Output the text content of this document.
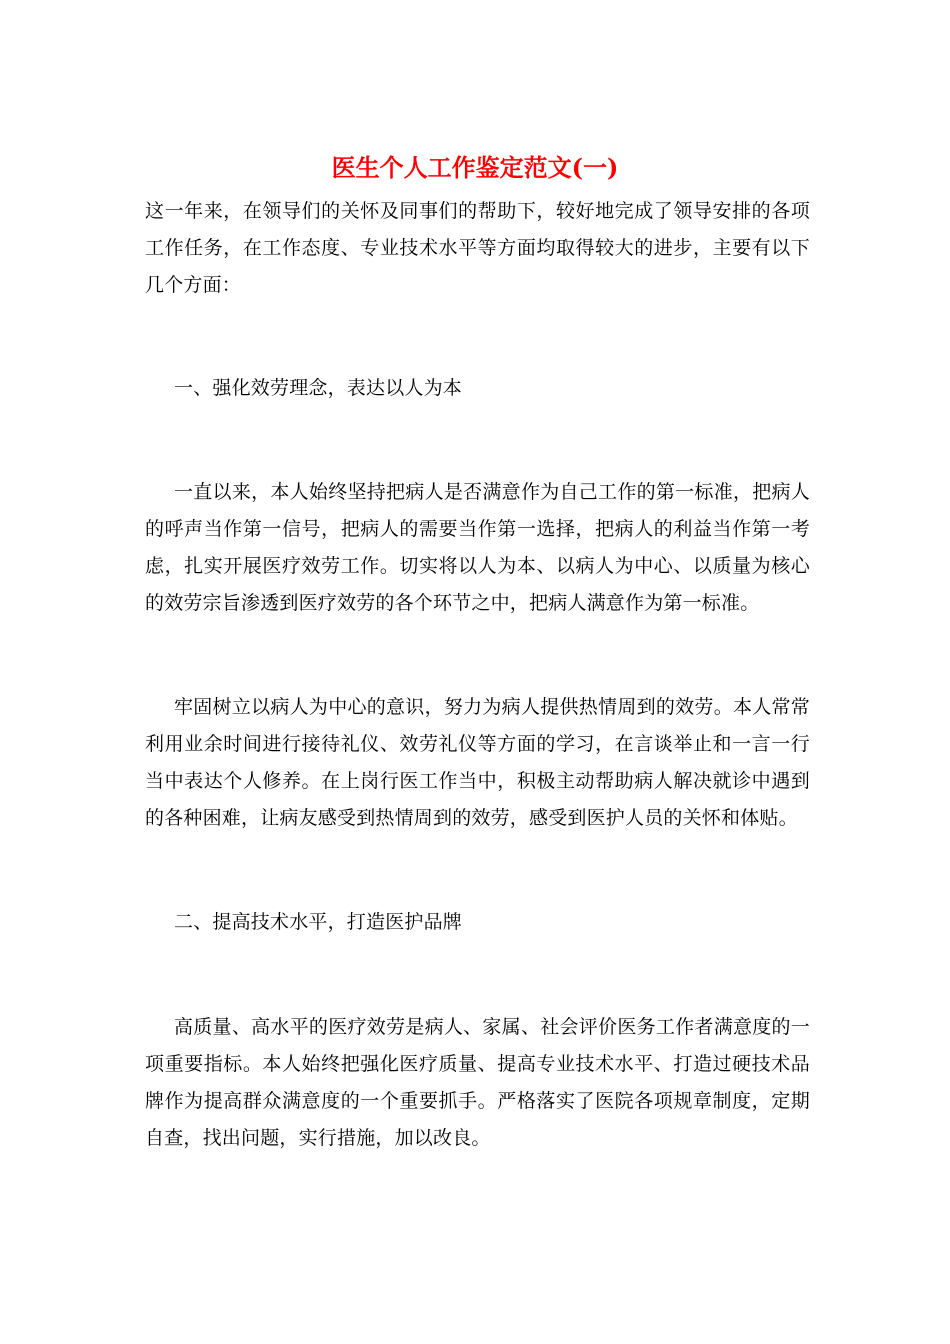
医生个人工作鉴定范文(一)

这一年来，在领导们的关怀及同事们的帮助下，较好地完成了领导安排的各项工作任务，在工作态度、专业技术水平等方面均取得较大的进步，主要有以下几个方面：

一、强化效劳理念，表达以人为本

一直以来，本人始终坚持把病人是否满意作为自己工作的第一标准，把病人的呼声当作第一信号，把病人的需要当作第一选择，把病人的利益当作第一考虑，扎实开展医疗效劳工作。切实将以人为本、以病人为中心、以质量为核心的效劳宗旨渗透到医疗效劳的各个环节之中，把病人满意作为第一标准。

牢固树立以病人为中心的意识，努力为病人提供热情周到的效劳。本人常常利用业余时间进行接待礼仪、效劳礼仪等方面的学习，在言谈举止和一言一行当中表达个人修养。在上岗行医工作当中，积极主动帮助病人解决就诊中遇到的各种困难，让病友感受到热情周到的效劳，感受到医护人员的关怀和体贴。

二、提高技术水平，打造医护品牌

高质量、高水平的医疗效劳是病人、家属、社会评价医务工作者满意度的一项重要指标。本人始终把强化医疗质量、提高专业技术水平、打造过硬技术品牌作为提高群众满意度的一个重要抓手。严格落实了医院各项规章制度，定期自查，找出问题，实行措施，加以改良。
